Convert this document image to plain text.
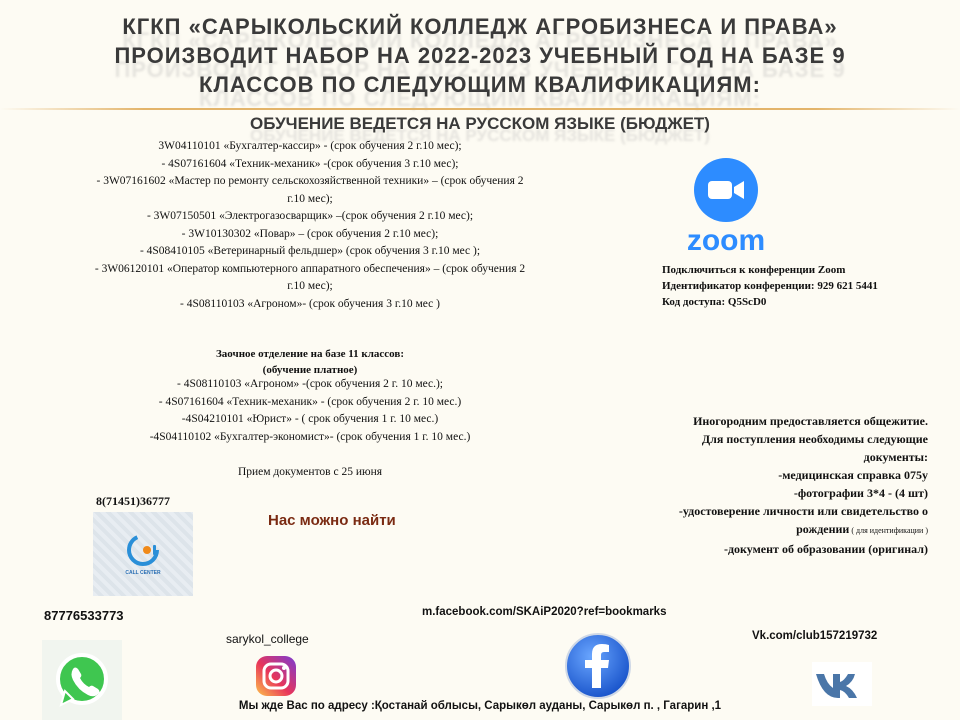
КГКП «САРЫКОЛЬСКИЙ КОЛЛЕДЖ АГРОБИЗНЕСА И ПРАВА»
ПРОИЗВОДИТ НАБОР НА 2022-2023 УЧЕБНЫЙ ГОД НА БАЗЕ 9
КЛАССОВ ПО СЛЕДУЮЩИМ КВАЛИФИКАЦИЯМ:
ОБУЧЕНИЕ ВЕДЕТСЯ НА РУССКОМ ЯЗЫКЕ (БЮДЖЕТ)
3W04110101 «Бухгалтер-кассир» - (срок обучения 2 г.10 мес);
- 4S07161604 «Техник-механик» -(срок обучения 3 г.10 мес);
- 3W07161602 «Мастер по ремонту сельскохозяйственной техники» – (срок обучения 2
г.10 мес);
- 3W07150501 «Электрогазосварщик» –(срок обучения 2 г.10 мес);
- 3W10130302 «Повар» – (срок обучения 2 г.10 мес);
- 4S08410105 «Ветеринарный фельдшер» (срок обучения 3 г.10 мес );
- 3W06120101 «Оператор компьютерного аппаратного обеспечения» – (срок обучения 2
г.10 мес);
- 4S08110103 «Агроном»- (срок обучения 3 г.10 мес )
zoom
Подключиться к конференции Zoom
Идентификатор конференции: 929 621 5441
Код доступа: Q5ScD0
Заочное отделение на базе 11 классов:
(обучение платное)
- 4S08110103 «Агроном» -(срок обучения 2 г. 10 мес.);
- 4S07161604 «Техник-механик» - (срок обучения 2 г. 10 мес.)
-4S04210101 «Юрист» - ( срок обучения 1 г. 10 мес.)
-4S04110102 «Бухгалтер-экономист»- (срок обучения 1 г. 10 мес.)
Прием документов с 25 июня
Иногородним предоставляется общежитие.
Для поступления необходимы следующие
документы:
-медицинская справка 075у
-фотографии 3*4 - (4 шт)
-удостоверение личности или свидетельство о
рождении ( для идентификации )
-документ об образовании (оригинал)
8(71451)36777
CALL CENTER
Нас можно найти
87776533773	m.facebook.com/SKAiP2020?ref=bookmarks
sarykol_college	Vk.com/club157219732
Мы жде Вас по адресу :Қостанай облысы, Сарыкөл ауданы, Сарыкөл п. , Гагарин ,1
